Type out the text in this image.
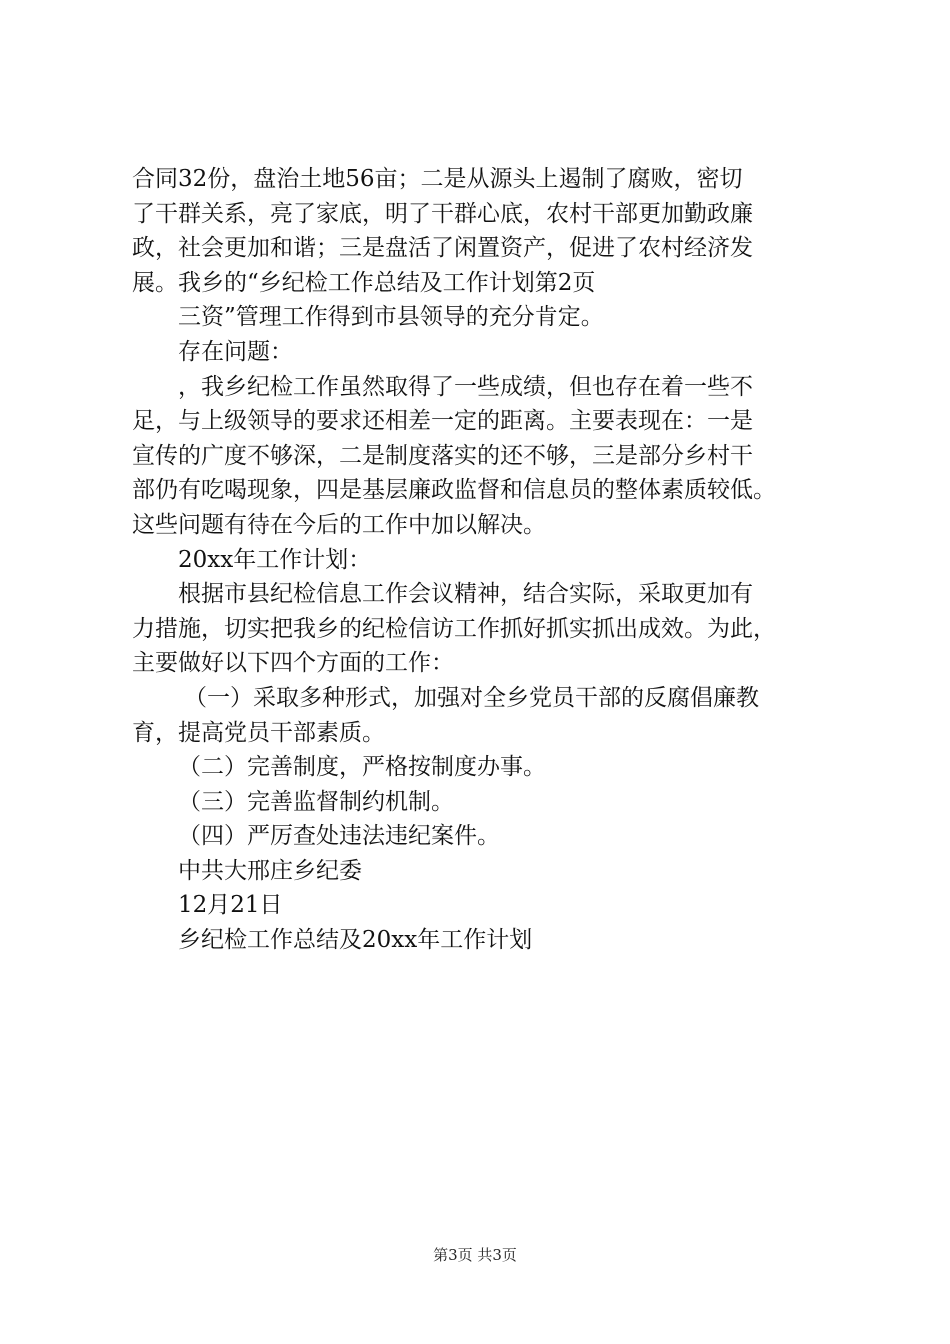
合同32份，盘治土地56亩；二是从源头上遏制了腐败，密切

了干群关系，亮了家底，明了干群心底，农村干部更加勤政廉

政，社会更加和谐；三是盘活了闲置资产，促进了农村经济发

展。我乡的“乡纪检工作总结及工作计划第2页

三资”管理工作得到市县领导的充分肯定。

存在问题：

，我乡纪检工作虽然取得了一些成绩，但也存在着一些不

足，与上级领导的要求还相差一定的距离。主要表现在：一是

宣传的广度不够深，二是制度落实的还不够，三是部分乡村干

部仍有吃喝现象，四是基层廉政监督和信息员的整体素质较低。

这些问题有待在今后的工作中加以解决。

20xx年工作计划：

根据市县纪检信息工作会议精神，结合实际，采取更加有

力措施，切实把我乡的纪检信访工作抓好抓实抓出成效。为此，

主要做好以下四个方面的工作：

（一）采取多种形式，加强对全乡党员干部的反腐倡廉教

育，提高党员干部素质。

（二）完善制度，严格按制度办事。

（三）完善监督制约机制。

（四）严厉查处违法违纪案件。

中共大邢庄乡纪委

12月21日

乡纪检工作总结及20xx年工作计划

第3页 共3页
